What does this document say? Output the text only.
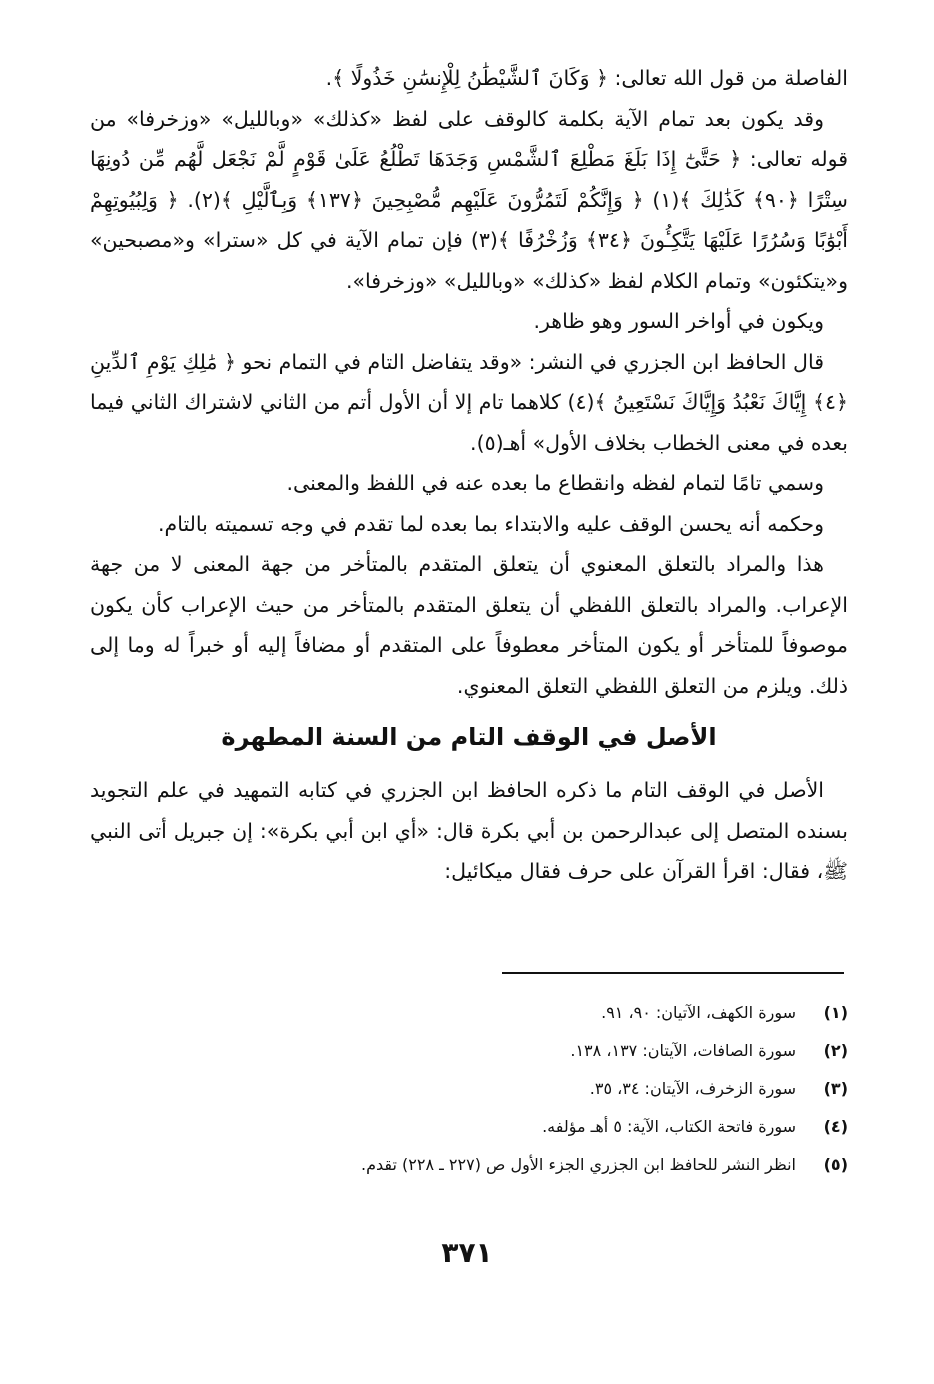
الفاصلة من قول الله تعالى: ﴿ وَكَانَ ٱلشَّيْطَٰنُ لِلْإِنسَٰنِ خَذُولًا ﴾.

وقد يكون بعد تمام الآية بكلمة كالوقف على لفظ «كذلك» «وبالليل» «وزخرفا» من قوله تعالى: ﴿ حَتَّىٰٓ إِذَا بَلَغَ مَطْلِعَ ٱلشَّمْسِ وَجَدَهَا تَطْلُعُ عَلَىٰ قَوْمٍ لَّمْ نَجْعَل لَّهُم مِّن دُونِهَا سِتْرًا ﴿٩٠﴾ كَذَٰلِكَ ﴾(١) ﴿ وَإِنَّكُمْ لَتَمُرُّونَ عَلَيْهِم مُّصْبِحِينَ ﴿١٣٧﴾ وَبِٱلَّيْلِ ﴾(٢). ﴿ وَلِبُيُوتِهِمْ أَبْوَٰبًا وَسُرُرًا عَلَيْهَا يَتَّكِـُٔونَ ﴿٣٤﴾ وَزُخْرُفًا ﴾(٣) فإن تمام الآية في كل «سترا» و«مصبحين» و«يتكئون» وتمام الكلام لفظ «كذلك» «وبالليل» «وزخرفا».

ويكون في أواخر السور وهو ظاهر.

قال الحافظ ابن الجزري في النشر: «وقد يتفاضل التام في التمام نحو ﴿ مَٰلِكِ يَوْمِ ٱلدِّينِ ﴿٤﴾ إِيَّاكَ نَعْبُدُ وَإِيَّاكَ نَسْتَعِينُ ﴾(٤) كلاهما تام إلا أن الأول أتم من الثاني لاشتراك الثاني فيما بعده في معنى الخطاب بخلاف الأول» أهـ(٥).

وسمي تامًا لتمام لفظه وانقطاع ما بعده عنه في اللفظ والمعنى.

وحكمه أنه يحسن الوقف عليه والابتداء بما بعده لما تقدم في وجه تسميته بالتام.

هذا والمراد بالتعلق المعنوي أن يتعلق المتقدم بالمتأخر من جهة المعنى لا من جهة الإعراب. والمراد بالتعلق اللفظي أن يتعلق المتقدم بالمتأخر من حيث الإعراب كأن يكون موصوفاً للمتأخر أو يكون المتأخر معطوفاً على المتقدم أو مضافاً إليه أو خبراً له وما إلى ذلك. ويلزم من التعلق اللفظي التعلق المعنوي.

الأصل في الوقف التام من السنة المطهرة

الأصل في الوقف التام ما ذكره الحافظ ابن الجزري في كتابه التمهيد في علم التجويد بسنده المتصل إلى عبدالرحمن بن أبي بكرة قال: «أي ابن أبي بكرة»: إن جبريل أتى النبي ﷺ، فقال: اقرأ القرآن على حرف فقال ميكائيل:

(١)سورة الكهف، الآتيان: ٩٠، ٩١.
(٢)سورة الصافات، الآيتان: ١٣٧، ١٣٨.
(٣)سورة الزخرف، الآيتان: ٣٤، ٣٥.
(٤)سورة فاتحة الكتاب، الآية: ٥ أهـ مؤلفه.
(٥)انظر النشر للحافظ ابن الجزري الجزء الأول ص (٢٢٧ ـ ٢٢٨) تقدم.
٣٧١
